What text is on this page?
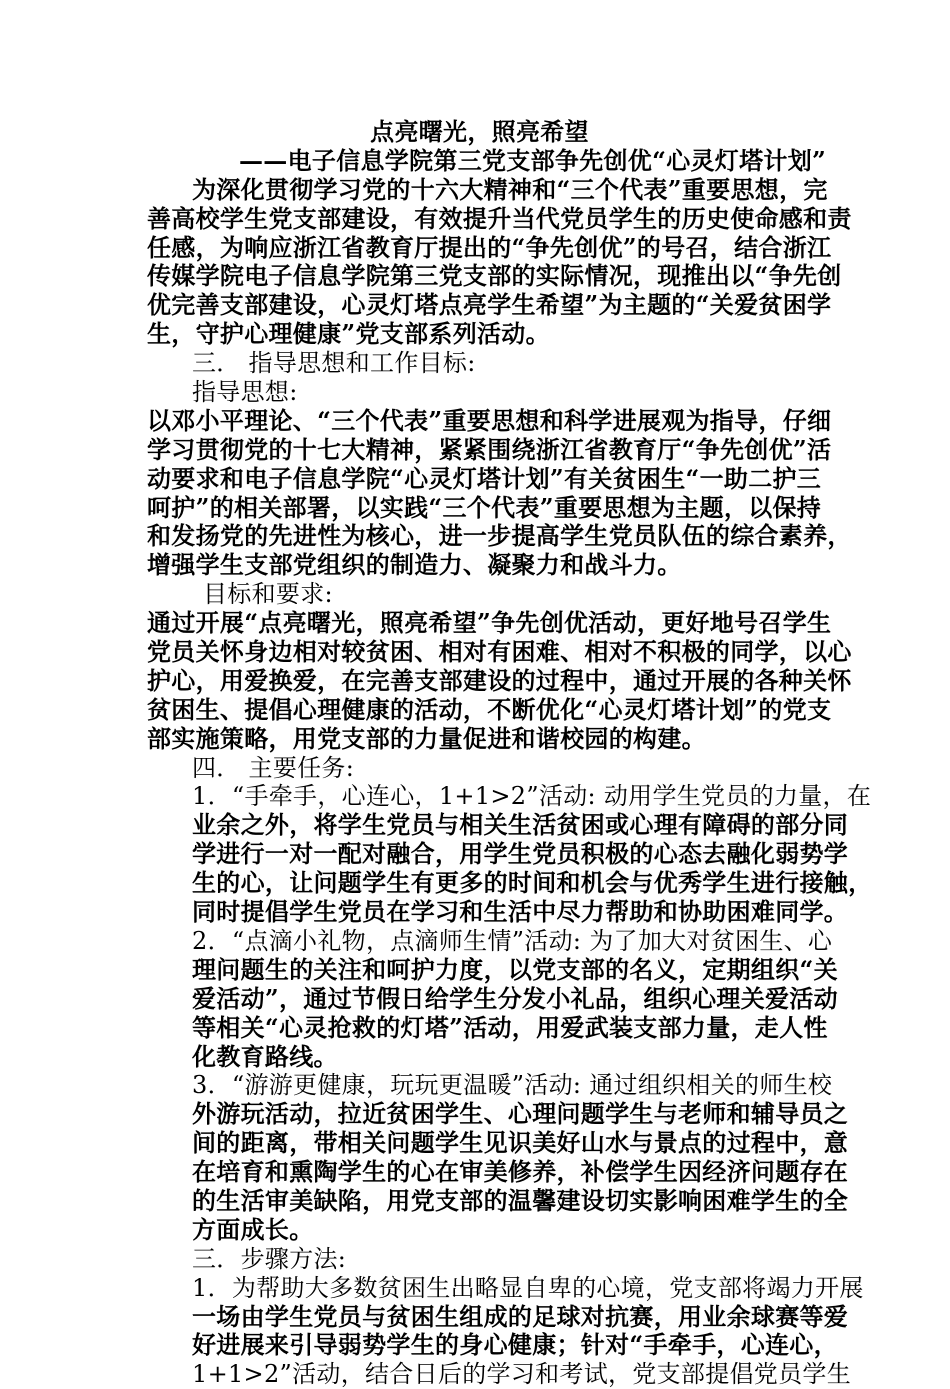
点亮曙光，照亮希望
——电子信息学院第三党支部争先创优“心灵灯塔计划”
为深化贯彻学习党的十六大精神和“三个代表”重要思想，完
善高校学生党支部建设，有效提升当代党员学生的历史使命感和责
任感，为响应浙江省教育厅提出的“争先创优”的号召，结合浙江
传媒学院电子信息学院第三党支部的实际情况，现推出以“争先创
优完善支部建设，心灵灯塔点亮学生希望”为主题的“关爱贫困学
生，守护心理健康”党支部系列活动。
三． 指导思想和工作目标:
指导思想:
以邓小平理论、“三个代表”重要思想和科学进展观为指导，仔细
学习贯彻党的十七大精神，紧紧围绕浙江省教育厅“争先创优”活
动要求和电子信息学院“心灵灯塔计划”有关贫困生“一助二护三
呵护”的相关部署，以实践“三个代表”重要思想为主题，以保持
和发扬党的先进性为核心，进一步提高学生党员队伍的综合素养，
增强学生支部党组织的制造力、凝聚力和战斗力。
目标和要求:
通过开展“点亮曙光，照亮希望”争先创优活动，更好地号召学生
党员关怀身边相对较贫困、相对有困难、相对不积极的同学，以心
护心，用爱换爱，在完善支部建设的过程中，通过开展的各种关怀
贫困生、提倡心理健康的活动，不断优化“心灵灯塔计划”的党支
部实施策略，用党支部的力量促进和谐校园的构建。
四． 主要任务:
1．“手牵手，心连心，1+1>2”活动: 动用学生党员的力量，在
业余之外，将学生党员与相关生活贫困或心理有障碍的部分同
学进行一对一配对融合，用学生党员积极的心态去融化弱势学
生的心，让问题学生有更多的时间和机会与优秀学生进行接触，
同时提倡学生党员在学习和生活中尽力帮助和协助困难同学。
2．“点滴小礼物，点滴师生情”活动: 为了加大对贫困生、心
理问题生的关注和呵护力度，以党支部的名义，定期组织“关
爱活动”，通过节假日给学生分发小礼品，组织心理关爱活动
等相关“心灵抢救的灯塔”活动，用爱武装支部力量，走人性
化教育路线。
3．“游游更健康，玩玩更温暖”活动: 通过组织相关的师生校
外游玩活动，拉近贫困学生、心理问题学生与老师和辅导员之
间的距离，带相关问题学生见识美好山水与景点的过程中，意
在培育和熏陶学生的心在审美修养，补偿学生因经济问题存在
的生活审美缺陷，用党支部的温馨建设切实影响困难学生的全
方面成长。
三．步骤方法:
1．为帮助大多数贫困生出略显自卑的心境，党支部将竭力开展
一场由学生党员与贫困生组成的足球对抗赛，用业余球赛等爱
好进展来引导弱势学生的身心健康；针对“手牵手，心连心，
1+1>2”活动，结合日后的学习和考试，党支部提倡党员学生
